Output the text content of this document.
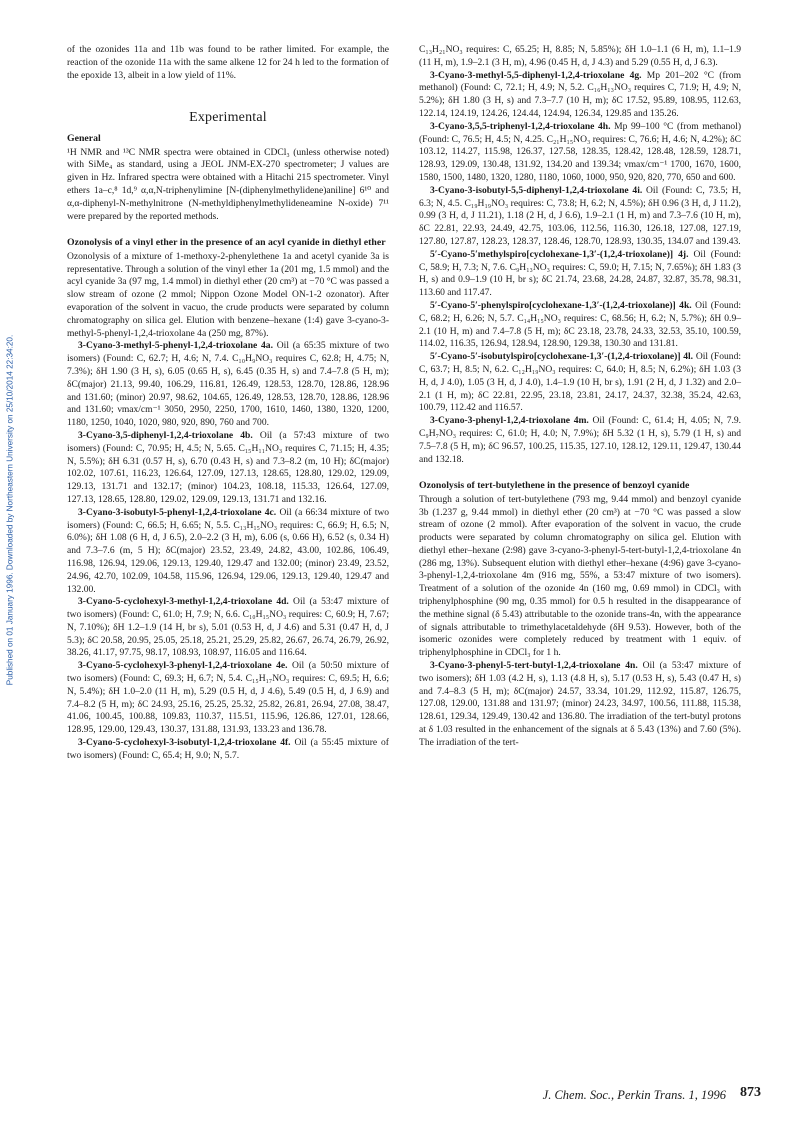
Published on 01 January 1996. Downloaded by Northeastern University on 25/10/2014 22:34:20.

of the ozonides 11a and 11b was found to be rather limited. For example, the reaction of the ozonide 11a with the same alkene 12 for 24 h led to the formation of the epoxide 13, albeit in a low yield of 11%.

Experimental
General

¹H NMR and ¹³C NMR spectra were obtained in CDCl₃ (unless otherwise noted) with SiMe₄ as standard, using a JEOL JNM-EX-270 spectrometer; J values are given in Hz. Infrared spectra were obtained with a Hitachi 215 spectrometer. Vinyl ethers 1a–c,⁸ 1d,⁹ α,α,N-triphenylimine [N-(diphenylmethylidene)aniline] 6¹⁰ and α,α-diphenyl-N-methylnitrone (N-methyldiphenylmethylideneamine N-oxide) 7¹¹ were prepared by the reported methods.

Ozonolysis of a vinyl ether in the presence of an acyl cyanide in diethyl ether

Ozonolysis of a mixture of 1-methoxy-2-phenylethene 1a and acetyl cyanide 3a is representative. Through a solution of the vinyl ether 1a (201 mg, 1.5 mmol) and the acyl cyanide 3a (97 mg, 1.4 mmol) in diethyl ether (20 cm³) at −70 °C was passed a slow stream of ozone (2 mmol; Nippon Ozone Model ON-1-2 ozonator). After evaporation of the solvent in vacuo, the crude products were separated by column chromatography on silica gel. Elution with benzene–hexane (1:4) gave 3-cyano-3-methyl-5-phenyl-1,2,4-trioxolane 4a (250 mg, 87%).

3-Cyano-3-methyl-5-phenyl-1,2,4-trioxolane 4a. Oil (a 65:35 mixture of two isomers) (Found: C, 62.7; H, 4.6; N, 7.4. C₁₀H₉NO₃ requires C, 62.8; H, 4.75; N, 7.3%); δH 1.90 (3 H, s), 6.05 (0.65 H, s), 6.45 (0.35 H, s) and 7.4–7.8 (5 H, m); δC(major) 21.13, 99.40, 106.29, 116.81, 126.49, 128.53, 128.70, 128.86, 128.96 and 131.60; (minor) 20.97, 98.62, 104.65, 126.49, 128.53, 128.70, 128.86, 128.96 and 131.60; νmax/cm⁻¹ 3050, 2950, 2250, 1700, 1610, 1460, 1380, 1320, 1200, 1180, 1250, 1040, 1020, 980, 920, 890, 760 and 700.

3-Cyano-3,5-diphenyl-1,2,4-trioxolane 4b. Oil (a 57:43 mixture of two isomers) (Found: C, 70.95; H, 4.5; N, 5.65. C₁₅H₁₁NO₃ requires C, 71.15; H, 4.35; N, 5.5%); δH 6.31 (0.57 H, s), 6.70 (0.43 H, s) and 7.3–8.2 (m, 10 H); δC(major) 102.02, 107.61, 116.23, 126.64, 127.09, 127.13, 128.65, 128.80, 129.02, 129.09, 129.13, 131.71 and 132.17; (minor) 104.23, 108.18, 115.33, 126.64, 127.09, 127.13, 128.65, 128.80, 129.02, 129.09, 129.13, 131.71 and 132.16.

3-Cyano-3-isobutyl-5-phenyl-1,2,4-trioxolane 4c. Oil (a 66:34 mixture of two isomers) (Found: C, 66.5; H, 6.65; N, 5.5. C₁₃H₁₅NO₃ requires: C, 66.9; H, 6.5; N, 6.0%); δH 1.08 (6 H, d, J 6.5), 2.0–2.2 (3 H, m), 6.06 (s, 0.66 H), 6.52 (s, 0.34 H) and 7.3–7.6 (m, 5 H); δC(major) 23.52, 23.49, 24.82, 43.00, 102.86, 106.49, 116.98, 126.94, 129.06, 129.13, 129.40, 129.47 and 132.00; (minor) 23.49, 23.52, 24.96, 42.70, 102.09, 104.58, 115.96, 126.94, 129.06, 129.13, 129.40, 129.47 and 132.00.

3-Cyano-5-cyclohexyl-3-methyl-1,2,4-trioxolane 4d. Oil (a 53:47 mixture of two isomers) (Found: C, 61.0; H, 7.9; N, 6.6. C₁₀H₁₅NO₃ requires: C, 60.9; H, 7.67; N, 7.10%); δH 1.2–1.9 (14 H, br s), 5.01 (0.53 H, d, J 4.6) and 5.31 (0.47 H, d, J 5.3); δC 20.58, 20.95, 25.05, 25.18, 25.21, 25.29, 25.82, 26.67, 26.74, 26.79, 26.92, 38.26, 41.17, 97.75, 98.17, 108.93, 108.97, 116.05 and 116.64.

3-Cyano-5-cyclohexyl-3-phenyl-1,2,4-trioxolane 4e. Oil (a 50:50 mixture of two isomers) (Found: C, 69.3; H, 6.7; N, 5.4. C₁₅H₁₇NO₃ requires: C, 69.5; H, 6.6; N, 5.4%); δH 1.0–2.0 (11 H, m), 5.29 (0.5 H, d, J 4.6), 5.49 (0.5 H, d, J 6.9) and 7.4–8.2 (5 H, m); δC 24.93, 25.16, 25.25, 25.32, 25.82, 26.81, 26.94, 27.08, 38.47, 41.06, 100.45, 100.88, 109.83, 110.37, 115.51, 115.96, 126.86, 127.01, 128.66, 128.95, 129.00, 129.43, 130.37, 131.88, 131.93, 133.23 and 136.78.

3-Cyano-5-cyclohexyl-3-isobutyl-1,2,4-trioxolane 4f. Oil (a 55:45 mixture of two isomers) (Found: C, 65.4; H, 9.0; N, 5.7.

C₁₃H₂₁NO₃ requires: C, 65.25; H, 8.85; N, 5.85%); δH 1.0–1.1 (6 H, m), 1.1–1.9 (11 H, m), 1.9–2.1 (3 H, m), 4.96 (0.45 H, d, J 4.3) and 5.29 (0.55 H, d, J 6.3).

3-Cyano-3-methyl-5,5-diphenyl-1,2,4-trioxolane 4g. Mp 201–202 °C (from methanol) (Found: C, 72.1; H, 4.9; N, 5.2. C₁₆H₁₃NO₃ requires C, 71.9; H, 4.9; N, 5.2%); δH 1.80 (3 H, s) and 7.3–7.7 (10 H, m); δC 17.52, 95.89, 108.95, 112.63, 122.14, 124.19, 124.26, 124.44, 124.94, 126.34, 129.85 and 135.26.

3-Cyano-3,5,5-triphenyl-1,2,4-trioxolane 4h. Mp 99–100 °C (from methanol) (Found: C, 76.5; H, 4.5; N, 4.25. C₂₁H₁₅NO₃ requires: C, 76.6; H, 4.6; N, 4.2%); δC 103.12, 114.27, 115.98, 126.37, 127.58, 128.35, 128.42, 128.48, 128.59, 128.71, 128.93, 129.09, 130.48, 131.92, 134.20 and 139.34; νmax/cm⁻¹ 1700, 1670, 1600, 1580, 1500, 1480, 1320, 1280, 1180, 1060, 1000, 950, 920, 820, 770, 650 and 600.

3-Cyano-3-isobutyl-5,5-diphenyl-1,2,4-trioxolane 4i. Oil (Found: C, 73.5; H, 6.3; N, 4.5. C₁₉H₁₉NO₃ requires: C, 73.8; H, 6.2; N, 4.5%); δH 0.96 (3 H, d, J 11.2), 0.99 (3 H, d, J 11.21), 1.18 (2 H, d, J 6.6), 1.9–2.1 (1 H, m) and 7.3–7.6 (10 H, m), δC 22.81, 22.93, 24.49, 42.75, 103.06, 112.56, 116.30, 126.18, 127.08, 127.19, 127.80, 127.87, 128.23, 128.37, 128.46, 128.70, 128.93, 130.35, 134.07 and 139.43.

5′-Cyano-5′methylspiro[cyclohexane-1,3′-(1,2,4-trioxolane)] 4j. Oil (Found: C, 58.9; H, 7.3; N, 7.6. C₉H₁₃NO₃ requires: C, 59.0; H, 7.15; N, 7.65%); δH 1.83 (3 H, s) and 0.9–1.9 (10 H, br s); δC 21.74, 23.68, 24.28, 24.87, 32.87, 35.78, 98.31, 113.60 and 117.47.

5′-Cyano-5′-phenylspiro[cyclohexane-1,3′-(1,2,4-trioxolane)] 4k. Oil (Found: C, 68.2; H, 6.26; N, 5.7. C₁₄H₁₅NO₃ requires: C, 68.56; H, 6.2; N, 5.7%); δH 0.9–2.1 (10 H, m) and 7.4–7.8 (5 H, m); δC 23.18, 23.78, 24.33, 32.53, 35.10, 100.59, 114.02, 116.35, 126.94, 128.94, 128.90, 129.38, 130.30 and 131.81.

5′-Cyano-5′-isobutylspiro[cyclohexane-1,3′-(1,2,4-trioxolane)] 4l. Oil (Found: C, 63.7; H, 8.5; N, 6.2. C₁₂H₁₉NO₃ requires: C, 64.0; H, 8.5; N, 6.2%); δH 1.03 (3 H, d, J 4.0), 1.05 (3 H, d, J 4.0), 1.4–1.9 (10 H, br s), 1.91 (2 H, d, J 1.32) and 2.0–2.1 (1 H, m); δC 22.81, 22.95, 23.18, 23.81, 24.17, 24.37, 32.38, 35.24, 42.63, 100.79, 112.42 and 116.57.

3-Cyano-3-phenyl-1,2,4-trioxolane 4m. Oil (Found: C, 61.4; H, 4.05; N, 7.9. C₉H₇NO₃ requires: C, 61.0; H, 4.0; N, 7.9%); δH 5.32 (1 H, s), 5.79 (1 H, s) and 7.5–7.8 (5 H, m); δC 96.57, 100.25, 115.35, 127.10, 128.12, 129.11, 129.47, 130.44 and 132.18.

Ozonolysis of tert-butylethene in the presence of benzoyl cyanide

Through a solution of tert-butylethene (793 mg, 9.44 mmol) and benzoyl cyanide 3b (1.237 g, 9.44 mmol) in diethyl ether (20 cm³) at −70 °C was passed a slow stream of ozone (2 mmol). After evaporation of the solvent in vacuo, the crude products were separated by column chromatography on silica gel. Elution with diethyl ether–hexane (2:98) gave 3-cyano-3-phenyl-5-tert-butyl-1,2,4-trioxolane 4n (286 mg, 13%). Subsequent elution with diethyl ether–hexane (4:96) gave 3-cyano-3-phenyl-1,2,4-trioxolane 4m (916 mg, 55%, a 53:47 mixture of two isomers). Treatment of a solution of the ozonide 4n (160 mg, 0.69 mmol) in CDCl₃ with triphenylphosphine (90 mg, 0.35 mmol) for 0.5 h resulted in the disappearance of the methine signal (δ 5.43) attributable to the ozonide trans-4n, with the appearance of signals attributable to trimethylacetaldehyde (δH 9.53). However, both of the isomeric ozonides were completely reduced by treatment with 1 equiv. of triphenylphosphine in CDCl₃ for 1 h.

3-Cyano-3-phenyl-5-tert-butyl-1,2,4-trioxolane 4n. Oil (a 53:47 mixture of two isomers); δH 1.03 (4.2 H, s), 1.13 (4.8 H, s), 5.17 (0.53 H, s), 5.43 (0.47 H, s) and 7.4–8.3 (5 H, m); δC(major) 24.57, 33.34, 101.29, 112.92, 115.87, 126.75, 127.08, 129.00, 131.88 and 131.97; (minor) 24.23, 34.97, 100.56, 111.88, 115.38, 128.61, 129.34, 129.49, 130.42 and 136.80. The irradiation of the tert-butyl protons at δ 1.03 resulted in the enhancement of the signals at δ 5.43 (13%) and 7.60 (5%). The irradiation of the tert-

J. Chem. Soc., Perkin Trans. 1, 1996 873
